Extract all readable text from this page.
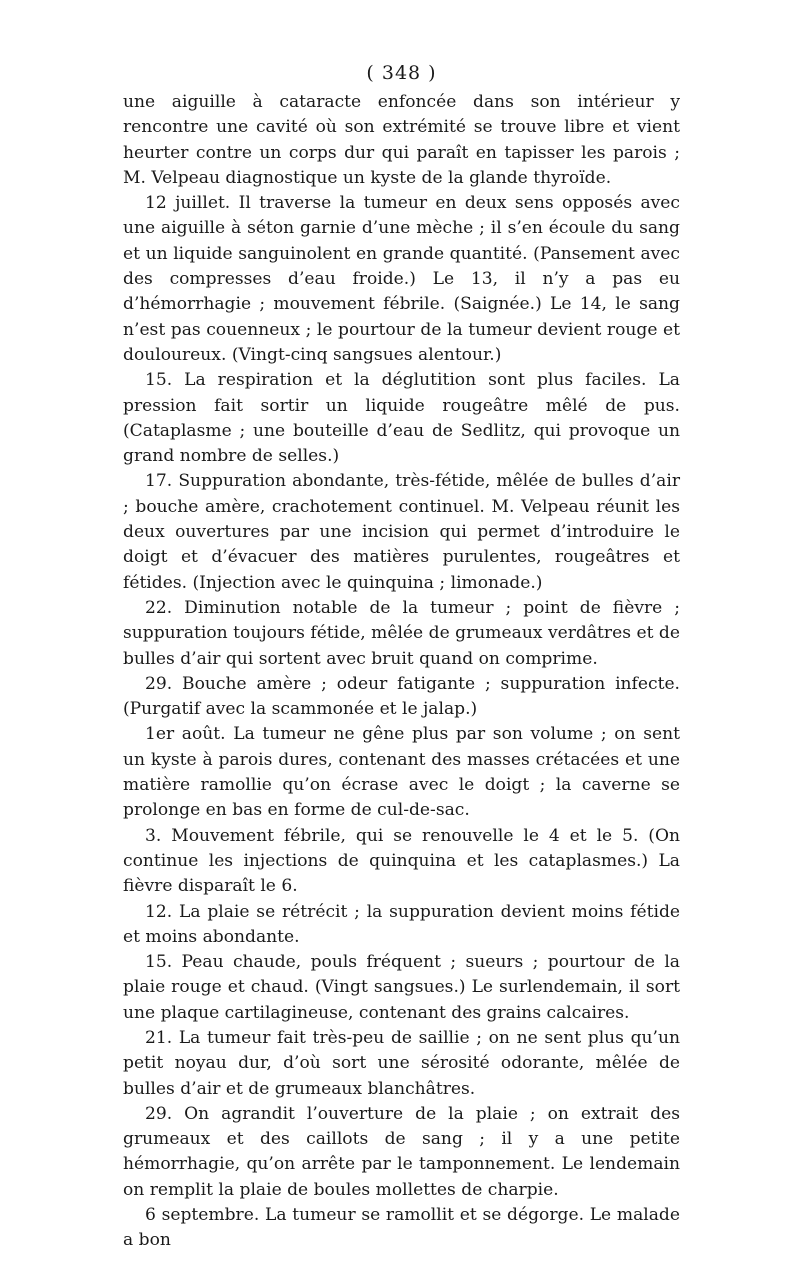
( 348 )

une aiguille à cataracte enfoncée dans son intérieur y rencontre une cavité où son extrémité se trouve libre et vient heurter contre un corps dur qui paraît en tapisser les parois ; M. Velpeau diagnostique un kyste de la glande thyroïde.

12 juillet. Il traverse la tumeur en deux sens opposés avec une aiguille à séton garnie d’une mèche ; il s’en écoule du sang et un liquide sanguinolent en grande quantité. (Pansement avec des compresses d’eau froide.) Le 13, il n’y a pas eu d’hémorrhagie ; mouvement fébrile. (Saignée.) Le 14, le sang n’est pas couenneux ; le pourtour de la tumeur devient rouge et douloureux. (Vingt-cinq sangsues alentour.)

15. La respiration et la déglutition sont plus faciles. La pression fait sortir un liquide rougeâtre mêlé de pus. (Cataplasme ; une bouteille d’eau de Sedlitz, qui provoque un grand nombre de selles.)

17. Suppuration abondante, très-fétide, mêlée de bulles d’air ; bouche amère, crachotement continuel. M. Velpeau réunit les deux ouvertures par une incision qui permet d’introduire le doigt et d’évacuer des matières purulentes, rougeâtres et fétides. (Injection avec le quinquina ; limonade.)

22. Diminution notable de la tumeur ; point de fièvre ; suppuration toujours fétide, mêlée de grumeaux verdâtres et de bulles d’air qui sortent avec bruit quand on comprime.

29. Bouche amère ; odeur fatigante ; suppuration infecte. (Purgatif avec la scammonée et le jalap.)

1er août. La tumeur ne gêne plus par son volume ; on sent un kyste à parois dures, contenant des masses crétacées et une matière ramollie qu’on écrase avec le doigt ; la caverne se prolonge en bas en forme de cul-de-sac.

3. Mouvement fébrile, qui se renouvelle le 4 et le 5. (On continue les injections de quinquina et les cataplasmes.) La fièvre disparaît le 6.

12. La plaie se rétrécit ; la suppuration devient moins fétide et moins abondante.

15. Peau chaude, pouls fréquent ; sueurs ; pourtour de la plaie rouge et chaud. (Vingt sangsues.) Le surlendemain, il sort une plaque cartilagineuse, contenant des grains calcaires.

21. La tumeur fait très-peu de saillie ; on ne sent plus qu’un petit noyau dur, d’où sort une sérosité odorante, mêlée de bulles d’air et de grumeaux blanchâtres.

29. On agrandit l’ouverture de la plaie ; on extrait des grumeaux et des caillots de sang ; il y a une petite hémorrhagie, qu’on arrête par le tamponnement. Le lendemain on remplit la plaie de boules mollettes de charpie.

6 septembre. La tumeur se ramollit et se dégorge. Le malade a bon
